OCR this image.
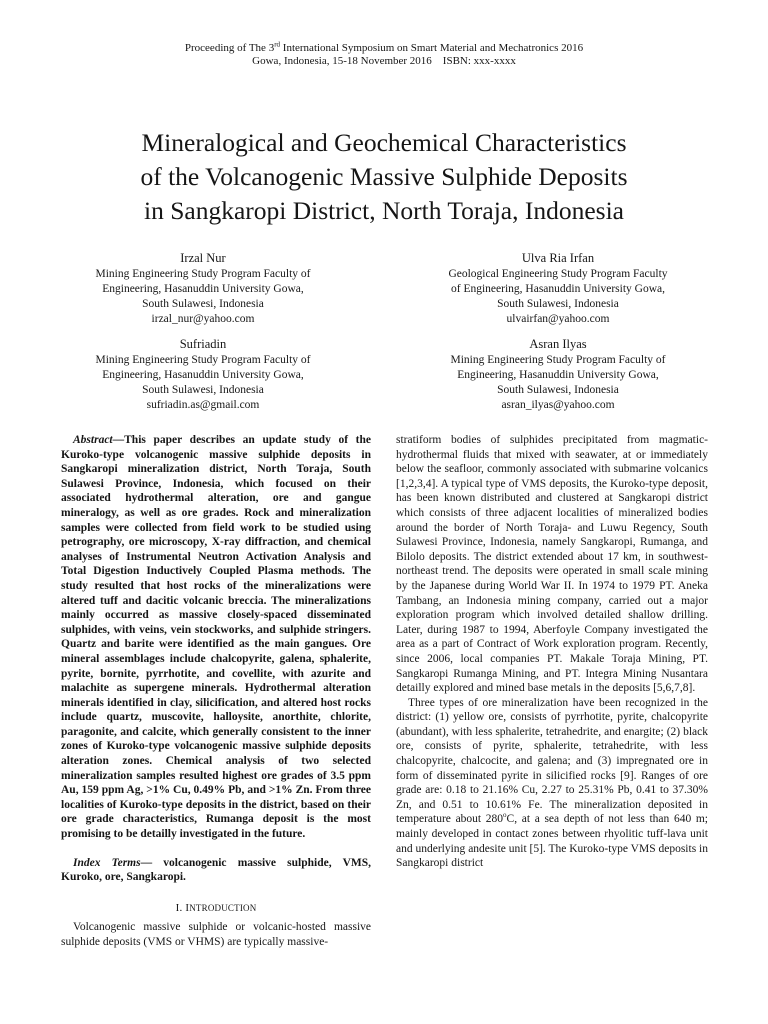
Proceeding of The 3rd International Symposium on Smart Material and Mechatronics 2016
Gowa, Indonesia, 15-18 November 2016    ISBN: xxx-xxxx
Mineralogical and Geochemical Characteristics
of the Volcanogenic Massive Sulphide Deposits
in Sangkaropi District, North Toraja, Indonesia
Irzal Nur
Mining Engineering Study Program Faculty of
Engineering, Hasanuddin University Gowa,
South Sulawesi, Indonesia
irzal_nur@yahoo.com
Ulva Ria Irfan
Geological Engineering Study Program Faculty
of Engineering, Hasanuddin University Gowa,
South Sulawesi, Indonesia
ulvairfan@yahoo.com
Sufriadin
Mining Engineering Study Program Faculty of
Engineering, Hasanuddin University Gowa,
South Sulawesi, Indonesia
sufriadin.as@gmail.com
Asran Ilyas
Mining Engineering Study Program Faculty of
Engineering, Hasanuddin University Gowa,
South Sulawesi, Indonesia
asran_ilyas@yahoo.com

Abstract—This paper describes an update study of the Kuroko-type volcanogenic massive sulphide deposits in Sangkaropi mineralization district, North Toraja, South Sulawesi Province, Indonesia, which focused on their associated hydrothermal alteration, ore and gangue mineralogy, as well as ore grades. Rock and mineralization samples were collected from field work to be studied using petrography, ore microscopy, X-ray diffraction, and chemical analyses of Instrumental Neutron Activation Analysis and Total Digestion Inductively Coupled Plasma methods. The study resulted that host rocks of the mineralizations were altered tuff and dacitic volcanic breccia. The mineralizations mainly occurred as massive closely-spaced disseminated sulphides, with veins, vein stockworks, and sulphide stringers. Quartz and barite were identified as the main gangues. Ore mineral assemblages include chalcopyrite, galena, sphalerite, pyrite, bornite, pyrrhotite, and covellite, with azurite and malachite as supergene minerals. Hydrothermal alteration minerals identified in clay, silicification, and altered host rocks include quartz, muscovite, halloysite, anorthite, chlorite, paragonite, and calcite, which generally consistent to the inner zones of Kuroko-type volcanogenic massive sulphide deposits alteration zones. Chemical analysis of two selected mineralization samples resulted highest ore grades of 3.5 ppm Au, 159 ppm Ag, >1% Cu, 0.49% Pb, and >1% Zn. From three localities of Kuroko-type deposits in the district, based on their ore grade characteristics, Rumanga deposit is the most promising to be detailly investigated in the future.

Index Terms— volcanogenic massive sulphide, VMS, Kuroko, ore, Sangkaropi.

I. INTRODUCTION

Volcanogenic massive sulphide or volcanic-hosted massive sulphide deposits (VMS or VHMS) are typically massive-

stratiform bodies of sulphides precipitated from magmatic-hydrothermal fluids that mixed with seawater, at or immediately below the seafloor, commonly associated with submarine volcanics [1,2,3,4]. A typical type of VMS deposits, the Kuroko-type deposit, has been known distributed and clustered at Sangkaropi district which consists of three adjacent localities of mineralized bodies around the border of North Toraja- and Luwu Regency, South Sulawesi Province, Indonesia, namely Sangkaropi, Rumanga, and Bilolo deposits. The district extended about 17 km, in southwest-northeast trend. The deposits were operated in small scale mining by the Japanese during World War II. In 1974 to 1979 PT. Aneka Tambang, an Indonesia mining company, carried out a major exploration program which involved detailed shallow drilling. Later, during 1987 to 1994, Aberfoyle Company investigated the area as a part of Contract of Work exploration program. Recently, since 2006, local companies PT. Makale Toraja Mining, PT. Sangkaropi Rumanga Mining, and PT. Integra Mining Nusantara detailly explored and mined base metals in the deposits [5,6,7,8].

Three types of ore mineralization have been recognized in the district: (1) yellow ore, consists of pyrrhotite, pyrite, chalcopyrite (abundant), with less sphalerite, tetrahedrite, and enargite; (2) black ore, consists of pyrite, sphalerite, tetrahedrite, with less chalcopyrite, chalcocite, and galena; and (3) impregnated ore in form of disseminated pyrite in silicified rocks [9]. Ranges of ore grade are: 0.18 to 21.16% Cu, 2.27 to 25.31% Pb, 0.41 to 37.30% Zn, and 0.51 to 10.61% Fe. The mineralization deposited in temperature about 280$^o$C, at a sea depth of not less than 640 m; mainly developed in contact zones between rhyolitic tuff-lava unit and underlying andesite unit [5]. The Kuroko-type VMS deposits in Sangkaropi district
